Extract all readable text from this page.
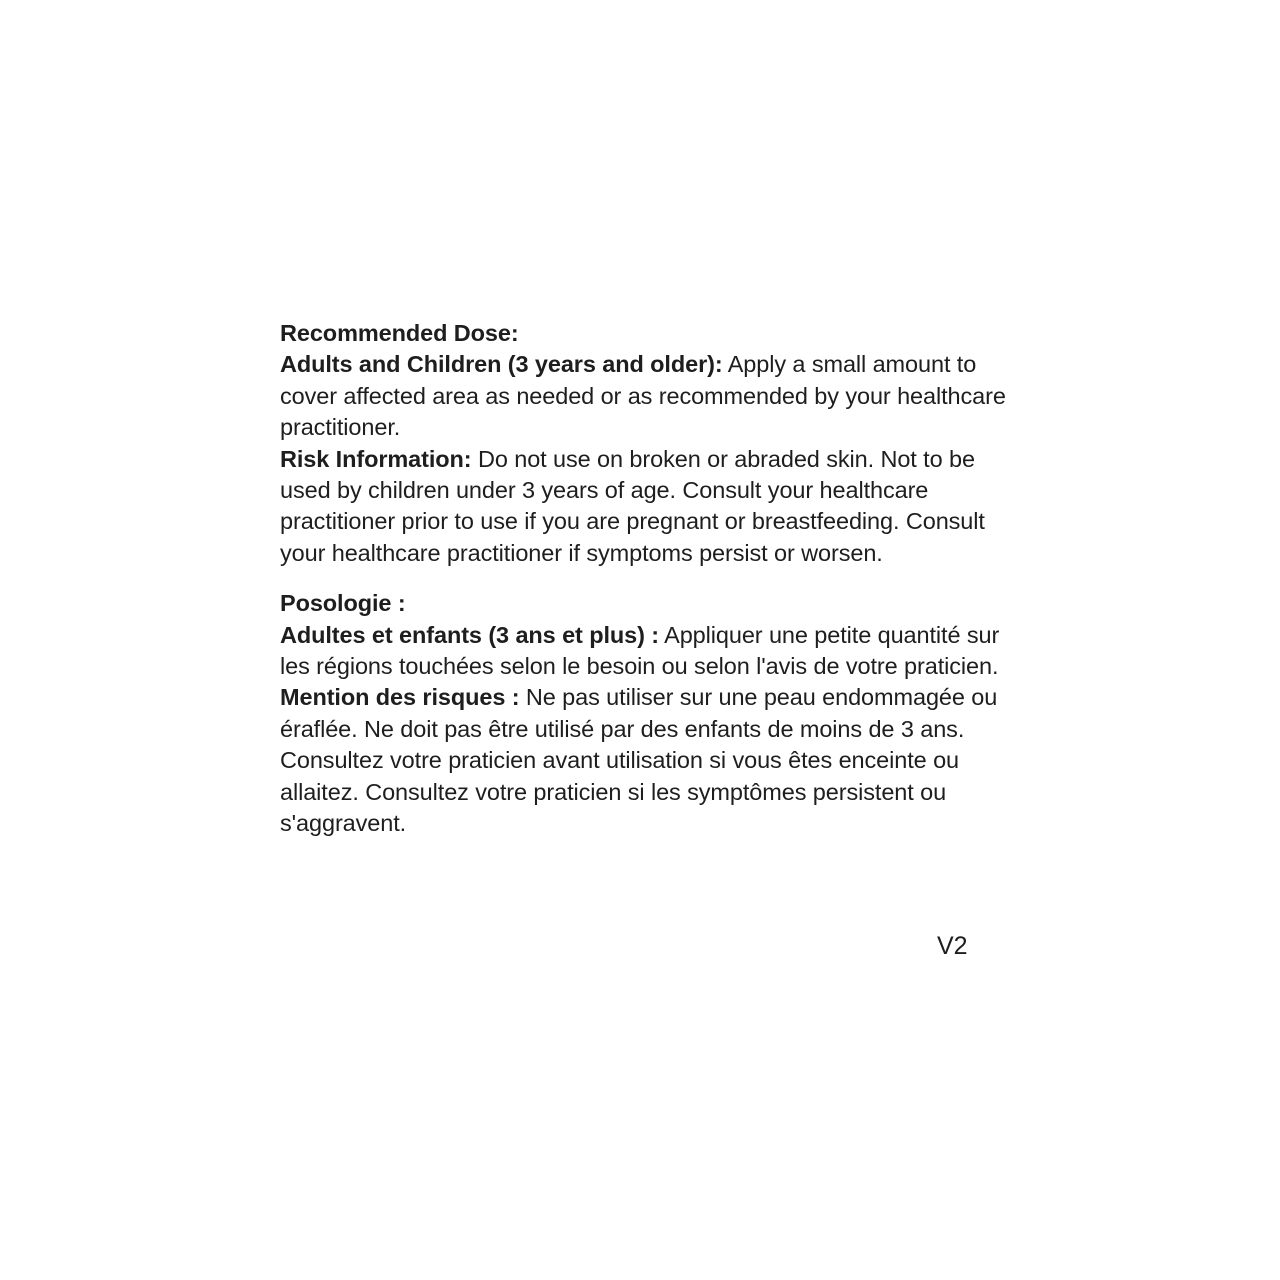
Recommended Dose:
Adults and Children (3 years and older): Apply a small amount to cover affected area as needed or as recommended by your healthcare practitioner.
Risk Information: Do not use on broken or abraded skin. Not to be used by children under 3 years of age. Consult your healthcare practitioner prior to use if you are pregnant or breastfeeding. Consult your healthcare practitioner if symptoms persist or worsen.
Posologie :
Adultes et enfants (3 ans et plus) : Appliquer une petite quantité sur les régions touchées selon le besoin ou selon l'avis de votre praticien.
Mention des risques : Ne pas utiliser sur une peau endommagée ou éraflée. Ne doit pas être utilisé par des enfants de moins de 3 ans. Consultez votre praticien avant utilisation si vous êtes enceinte ou allaitez. Consultez votre praticien si les symptômes persistent ou s'aggravent.
V2
